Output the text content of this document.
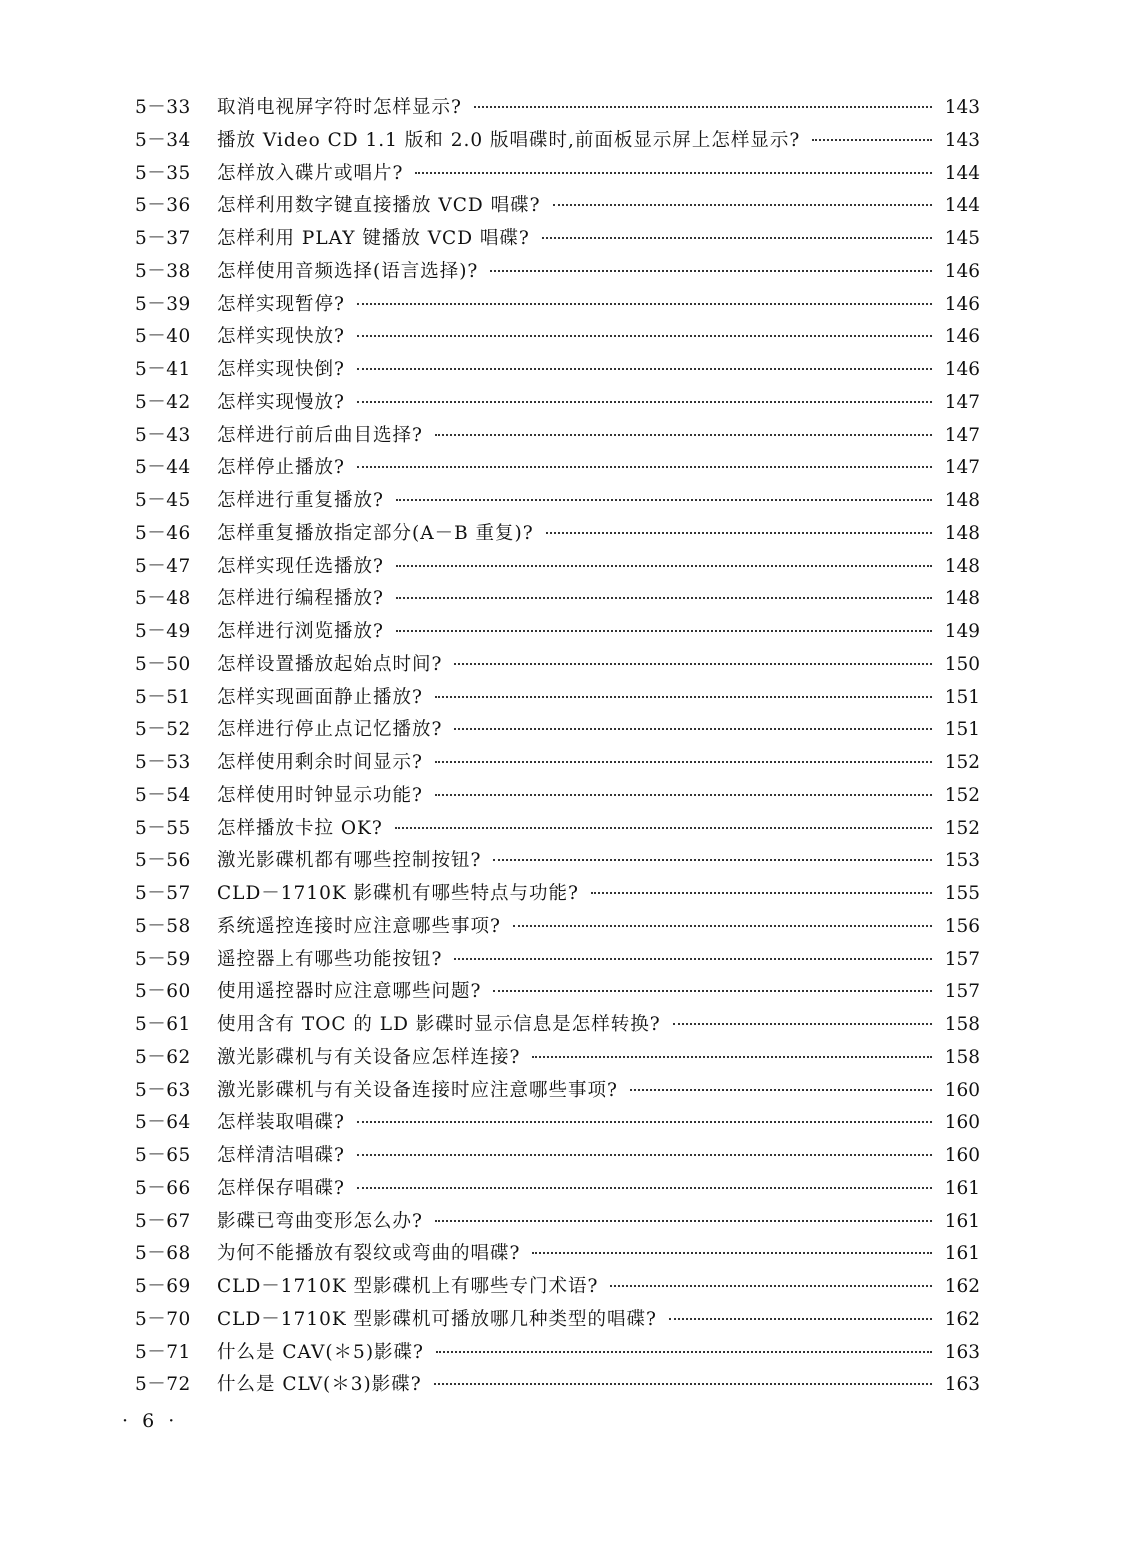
5－33	取消电视屏字符时怎样显示?	143
5－34	播放 Video CD 1.1 版和 2.0 版唱碟时,前面板显示屏上怎样显示?	143
5－35	怎样放入碟片或唱片?	144
5－36	怎样利用数字键直接播放 VCD 唱碟?	144
5－37	怎样利用 PLAY 键播放 VCD 唱碟?	145
5－38	怎样使用音频选择(语言选择)?	146
5－39	怎样实现暂停?	146
5－40	怎样实现快放?	146
5－41	怎样实现快倒?	146
5－42	怎样实现慢放?	147
5－43	怎样进行前后曲目选择?	147
5－44	怎样停止播放?	147
5－45	怎样进行重复播放?	148
5－46	怎样重复播放指定部分(A－B 重复)?	148
5－47	怎样实现任选播放?	148
5－48	怎样进行编程播放?	148
5－49	怎样进行浏览播放?	149
5－50	怎样设置播放起始点时间?	150
5－51	怎样实现画面静止播放?	151
5－52	怎样进行停止点记忆播放?	151
5－53	怎样使用剩余时间显示?	152
5－54	怎样使用时钟显示功能?	152
5－55	怎样播放卡拉 OK?	152
5－56	激光影碟机都有哪些控制按钮?	153
5－57	CLD－1710K 影碟机有哪些特点与功能?	155
5－58	系统遥控连接时应注意哪些事项?	156
5－59	遥控器上有哪些功能按钮?	157
5－60	使用遥控器时应注意哪些问题?	157
5－61	使用含有 TOC 的 LD 影碟时显示信息是怎样转换?	158
5－62	激光影碟机与有关设备应怎样连接?	158
5－63	激光影碟机与有关设备连接时应注意哪些事项?	160
5－64	怎样装取唱碟?	160
5－65	怎样清洁唱碟?	160
5－66	怎样保存唱碟?	161
5－67	影碟已弯曲变形怎么办?	161
5－68	为何不能播放有裂纹或弯曲的唱碟?	161
5－69	CLD－1710K 型影碟机上有哪些专门术语?	162
5－70	CLD－1710K 型影碟机可播放哪几种类型的唱碟?	162
5－71	什么是 CAV(＊5)影碟?	163
5－72	什么是 CLV(＊3)影碟?	163
· 6 ·
